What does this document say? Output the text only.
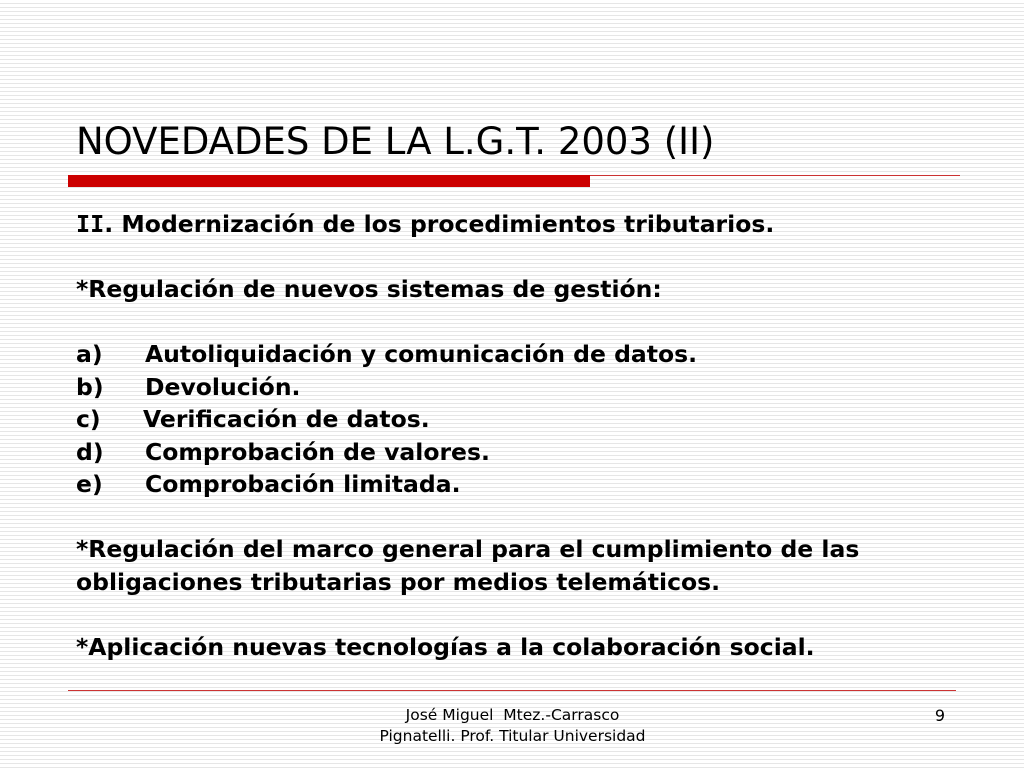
NOVEDADES DE LA L.G.T. 2003 (II)
II. Modernización de los procedimientos tributarios.
*Regulación de nuevos sistemas de gestión:
a) Autoliquidación y comunicación de datos.
b) Devolución.
c) Verificación de datos.
d) Comprobación de valores.
e) Comprobación limitada.
*Regulación del marco general para el cumplimiento de las obligaciones tributarias por medios telemáticos.
*Aplicación nuevas tecnologías a la colaboración social.
José Miguel  Mtez.-Carrasco
Pignatelli. Prof. Titular Universidad
9
